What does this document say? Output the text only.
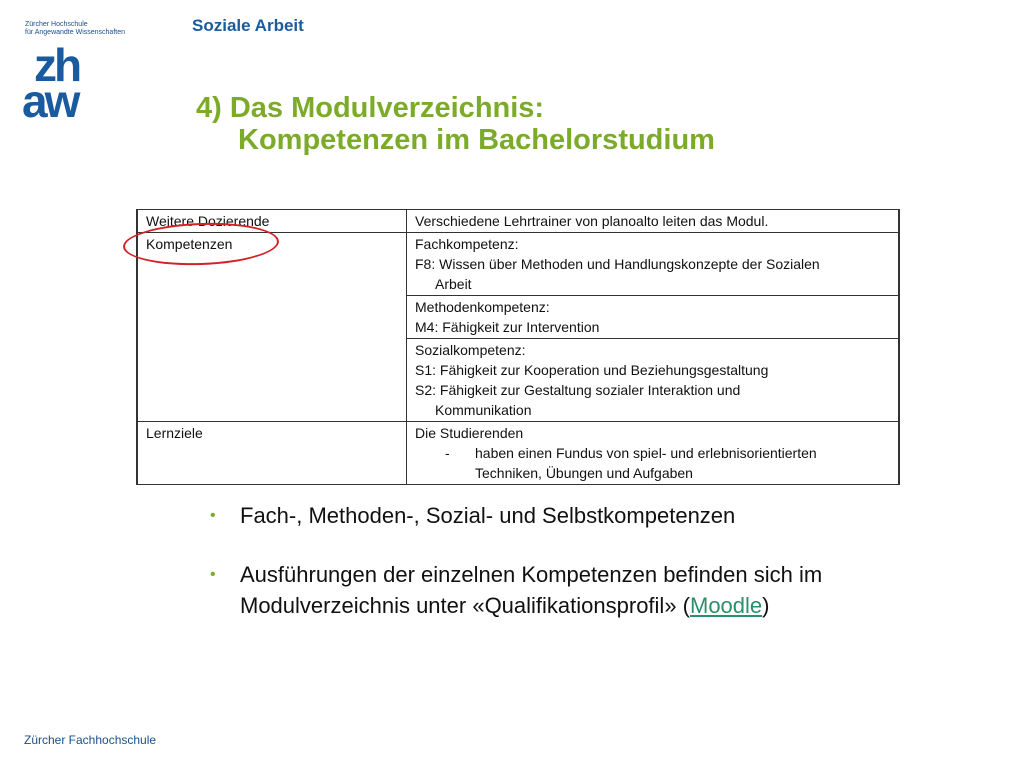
Zürcher Hochschule
für Angewandte Wissenschaften
zh
aw
Soziale Arbeit
4) Das Modulverzeichnis:
Kompetenzen im Bachelorstudium
Weitere Dozierende	Verschiedene Lehrtrainer von planoalto leiten das Modul.

Kompetenzen	Fachkompetenz:
F8: Wissen über Methoden und Handlungskonzepte der Sozialen
Arbeit

	Methodenkompetenz:
M4: Fähigkeit zur Intervention

	Sozialkompetenz:
S1: Fähigkeit zur Kooperation und Beziehungsgestaltung
S2: Fähigkeit zur Gestaltung sozialer Interaktion und
Kommunikation

Lernziele	Die Studierenden
- haben einen Fundus von spiel- und erlebnisorientierten
Techniken, Übungen und Aufgaben
• Fach-, Methoden-, Sozial- und Selbstkompetenzen
• Ausführungen der einzelnen Kompetenzen befinden sich im Modulverzeichnis unter «Qualifikationsprofil» (Moodle)
Zürcher Fachhochschule
